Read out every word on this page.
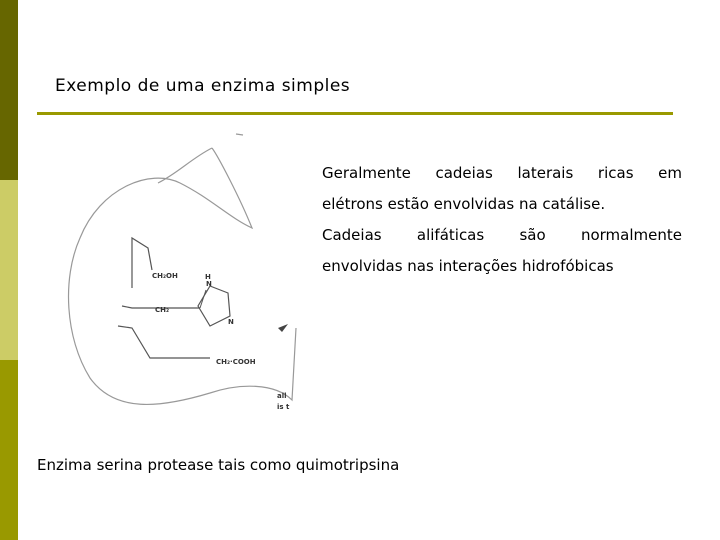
Exemplo de uma enzima simples
Geralmente cadeias laterais ricas em
elétrons estão envolvidas na catálise.
Cadeias alifáticas são normalmente
envolvidas nas interações hidrofóbicas
CH₂OH
CH₂
CH₂·COOH
H
N
N
all
is t
Enzima serina protease tais como quimotripsina
